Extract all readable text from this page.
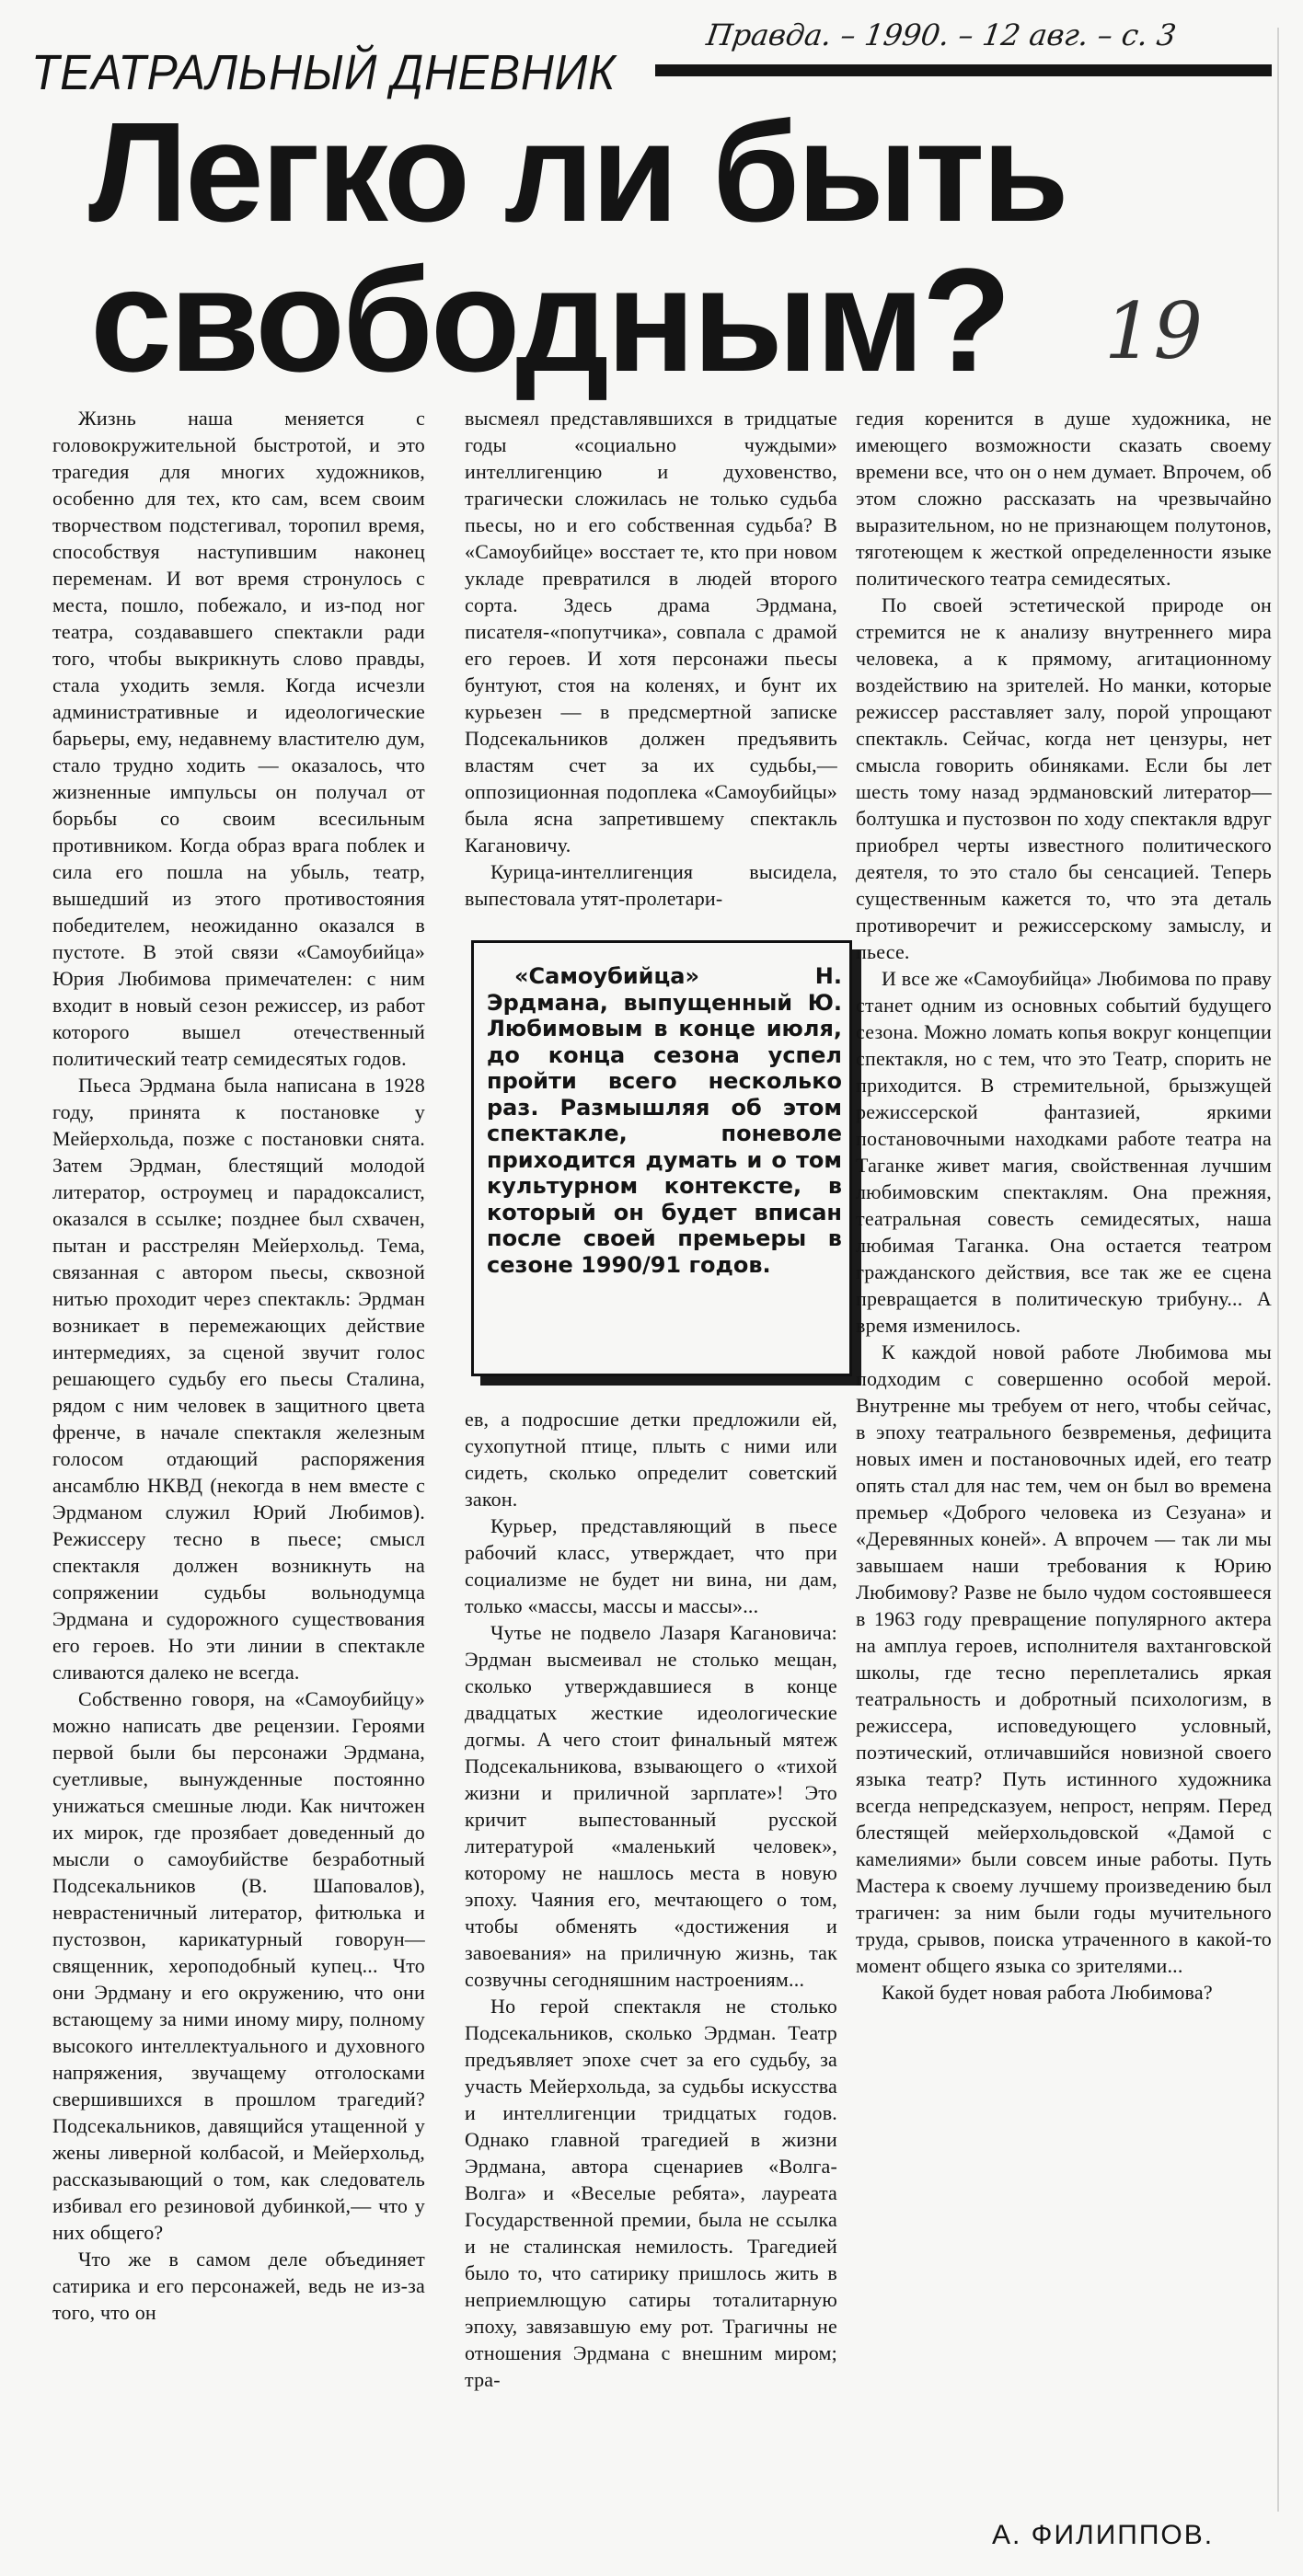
Правда. – 1990. – 12 авг. – с. 3
ТЕАТРАЛЬНЫЙ ДНЕВНИК
Легко ли быть
свободным? 19

Жизнь наша меняется с головокружительной быстротой, и это трагедия для многих художников, особенно для тех, кто сам, всем своим творчеством подстегивал, торопил время, способствуя наступившим наконец переменам. И вот время стронулось с места, пошло, побежало, и из-под ног театра, создававшего спектакли ради того, чтобы выкрикнуть слово правды, стала уходить земля. Когда исчезли административные и идеологические барьеры, ему, недавнему властителю дум, стало трудно ходить — оказалось, что жизненные импульсы он получал от борьбы со своим всесильным противником. Когда образ врага поблек и сила его пошла на убыль, театр, вышедший из этого противостояния победителем, неожиданно оказался в пустоте. В этой связи «Самоубийца» Юрия Любимова примечателен: с ним входит в новый сезон режиссер, из работ которого вышел отечественный политический театр семидесятых годов.

Пьеса Эрдмана была написана в 1928 году, принята к постановке у Мейерхольда, позже с постановки снята. Затем Эрдман, блестящий молодой литератор, остроумец и парадоксалист, оказался в ссылке; позднее был схвачен, пытан и расстрелян Мейерхольд. Тема, связанная с автором пьесы, сквозной нитью проходит через спектакль: Эрдман возникает в перемежающих действие интермедиях, за сценой звучит голос решающего судьбу его пьесы Сталина, рядом с ним человек в защитного цвета френче, в начале спектакля железным голосом отдающий распоряжения ансамблю НКВД (некогда в нем вместе с Эрдманом служил Юрий Любимов). Режиссеру тесно в пьесе; смысл спектакля должен возникнуть на сопряжении судьбы вольнодумца Эрдмана и судорожного существования его героев. Но эти линии в спектакле сливаются далеко не всегда.

Собственно говоря, на «Самоубийцу» можно написать две рецензии. Героями первой были бы персонажи Эрдмана, суетливые, вынужденные постоянно унижаться смешные люди. Как ничтожен их мирок, где прозябает доведенный до мысли о самоубийстве безработный Подсекальников (В. Шаповалов), неврастеничный литератор, фитюлька и пустозвон, карикатурный говорун—священник, хероподобный купец... Что они Эрдману и его окружению, что они встающему за ними иному миру, полному высокого интеллектуального и духовного напряжения, звучащему отголосками свершившихся в прошлом трагедий? Подсекальников, давящийся утащенной у жены ливерной колбасой, и Мейерхольд, рассказывающий о том, как следователь избивал его резиновой дубинкой,— что у них общего?

Что же в самом деле объединяет сатирика и его персонажей, ведь не из-за того, что он

высмеял представлявшихся в тридцатые годы «социально чуждыми» интеллигенцию и духовенство, трагически сложилась не только судьба пьесы, но и его собственная судьба? В «Самоубийце» восстает те, кто при новом укладе превратился в людей второго сорта. Здесь драма Эрдмана, писателя-«попутчика», совпала с драмой его героев. И хотя персонажи пьесы бунтуют, стоя на коленях, и бунт их курьезен — в предсмертной записке Подсекальников должен предъявить властям счет за их судьбы,— оппозиционная подоплека «Самоубийцы» была ясна запретившему спектакль Кагановичу.

Курица-интеллигенция высидела, выпестовала утят-пролетари-

«Самоубийца» Н. Эрдмана, выпущенный Ю. Любимовым в конце июля, до конца сезона успел пройти всего несколько раз. Размышляя об этом спектакле, поневоле приходится думать и о том культурном контексте, в который он будет вписан после своей премьеры в сезоне 1990/91 годов.

ев, а подросшие детки предложили ей, сухопутной птице, плыть с ними или сидеть, сколько определит советский закон.

Курьер, представляющий в пьесе рабочий класс, утверждает, что при социализме не будет ни вина, ни дам, только «массы, массы и массы»...

Чутье не подвело Лазаря Кагановича: Эрдман высмеивал не столько мещан, сколько утверждавшиеся в конце двадцатых жесткие идеологические догмы. А чего стоит финальный мятеж Подсекальникова, взывающего о «тихой жизни и приличной зарплате»! Это кричит выпестованный русской литературой «маленький человек», которому не нашлось места в новую эпоху. Чаяния его, мечтающего о том, чтобы обменять «достижения и завоевания» на приличную жизнь, так созвучны сегодняшним настроениям...

Но герой спектакля не столько Подсекальников, сколько Эрдман. Театр предъявляет эпохе счет за его судьбу, за участь Мейерхольда, за судьбы искусства и интеллигенции тридцатых годов. Однако главной трагедией в жизни Эрдмана, автора сценариев «Волга-Волга» и «Веселые ребята», лауреата Государственной премии, была не ссылка и не сталинская немилость. Трагедией было то, что сатирику пришлось жить в неприемлющую сатиры тоталитарную эпоху, завязавшую ему рот. Трагичны не отношения Эрдмана с внешним миром; тра-

гедия коренится в душе художника, не имеющего возможности сказать своему времени все, что он о нем думает. Впрочем, об этом сложно рассказать на чрезвычайно выразительном, но не признающем полутонов, тяготеющем к жесткой определенности языке политического театра семидесятых.

По своей эстетической природе он стремится не к анализу внутреннего мира человека, а к прямому, агитационному воздействию на зрителей. Но манки, которые режиссер расставляет залу, порой упрощают спектакль. Сейчас, когда нет цензуры, нет смысла говорить обиняками. Если бы лет шесть тому назад эрдмановский литератор—болтушка и пустозвон по ходу спектакля вдруг приобрел черты известного политического деятеля, то это стало бы сенсацией. Теперь существенным кажется то, что эта деталь противоречит и режиссерскому замыслу, и пьесе.

И все же «Самоубийца» Любимова по праву станет одним из основных событий будущего сезона. Можно ломать копья вокруг концепции спектакля, но с тем, что это Театр, спорить не приходится. В стремительной, брызжущей режиссерской фантазией, яркими постановочными находками работе театра на Таганке живет магия, свойственная лучшим любимовским спектаклям. Она прежняя, театральная совесть семидесятых, наша любимая Таганка. Она остается театром гражданского действия, все так же ее сцена превращается в политическую трибуну... А время изменилось.

К каждой новой работе Любимова мы подходим с совершенно особой мерой. Внутренне мы требуем от него, чтобы сейчас, в эпоху театрального безвременья, дефицита новых имен и постановочных идей, его театр опять стал для нас тем, чем он был во времена премьер «Доброго человека из Сезуана» и «Деревянных коней». А впрочем — так ли мы завышаем наши требования к Юрию Любимову? Разве не было чудом состоявшееся в 1963 году превращение популярного актера на амплуа героев, исполнителя вахтанговской школы, где тесно переплетались яркая театральность и добротный психологизм, в режиссера, исповедующего условный, поэтический, отличавшийся новизной своего языка театр? Путь истинного художника всегда непредсказуем, непрост, непрям. Перед блестящей мейерхольдовской «Дамой с камелиями» были совсем иные работы. Путь Мастера к своему лучшему произведению был трагичен: за ним были годы мучительного труда, срывов, поиска утраченного в какой-то момент общего языка со зрителями...

Какой будет новая работа Любимова?

А. ФИЛИППОВ.
